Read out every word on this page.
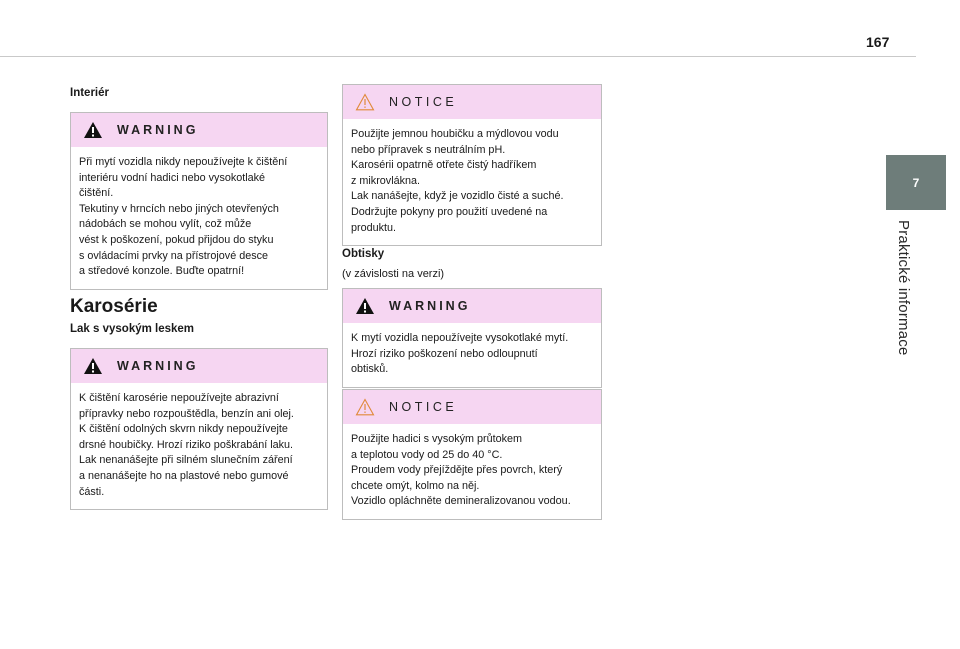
167
7
Praktické informace

Interiér

WARNING
Při mytí vozidla nikdy nepoužívejte k čištění
interiéru vodní hadici nebo vysokotlaké
čištění.
Tekutiny v hrncích nebo jiných otevřených
nádobách se mohou vylít, což může
vést k poškození, pokud přijdou do styku
s ovládacími prvky na přístrojové desce
a středové konzole. Buďte opatrní!

Karosérie

Lak s vysokým leskem

WARNING
K čištění karosérie nepoužívejte abrazivní
přípravky nebo rozpouštědla, benzín ani olej.
K čištění odolných skvrn nikdy nepoužívejte
drsné houbičky. Hrozí riziko poškrabání laku.
Lak nenanášejte při silném slunečním záření
a nenanášejte ho na plastové nebo gumové
části.
NOTICE
Použijte jemnou houbičku a mýdlovou vodu
nebo přípravek s neutrálním pH.
Karosérii opatrně otřete čistý hadříkem
z mikrovlákna.
Lak nanášejte, když je vozidlo čisté a suché.
Dodržujte pokyny pro použití uvedené na
produktu.

Obtisky

(v závislosti na verzi)

WARNING
K mytí vozidla nepoužívejte vysokotlaké mytí.
Hrozí riziko poškození nebo odloupnutí
obtisků.
NOTICE
Použijte hadici s vysokým průtokem
a teplotou vody od 25 do 40 °C.
Proudem vody přejíždějte přes povrch, který
chcete omýt, kolmo na něj.
Vozidlo opláchněte demineralizovanou vodou.
